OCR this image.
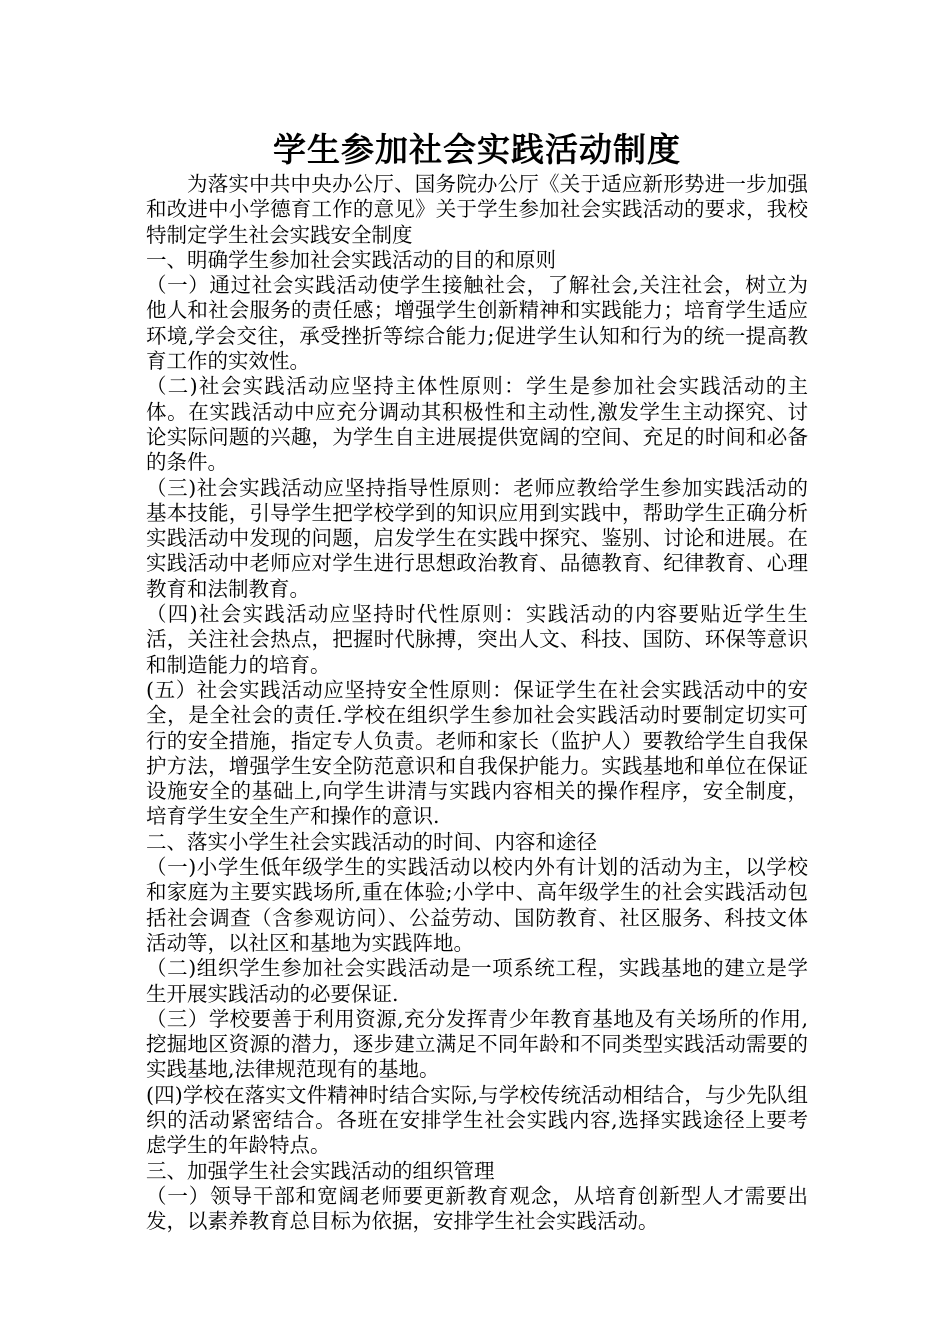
学生参加社会实践活动制度

为落实中共中央办公厅、国务院办公厅《关于适应新形势进一步加强和改进中小学德育工作的意见》关于学生参加社会实践活动的要求，我校特制定学生社会实践安全制度

一、明确学生参加社会实践活动的目的和原则

（一）通过社会实践活动使学生接触社会，了解社会,关注社会，树立为他人和社会服务的责任感；增强学生创新精神和实践能力；培育学生适应环境,学会交往，承受挫折等综合能力;促进学生认知和行为的统一提高教育工作的实效性。

（二)社会实践活动应坚持主体性原则：学生是参加社会实践活动的主体。在实践活动中应充分调动其积极性和主动性,激发学生主动探究、讨论实际问题的兴趣，为学生自主进展提供宽阔的空间、充足的时间和必备的条件。

（三)社会实践活动应坚持指导性原则：老师应教给学生参加实践活动的基本技能，引导学生把学校学到的知识应用到实践中，帮助学生正确分析实践活动中发现的问题，启发学生在实践中探究、鉴别、讨论和进展。在实践活动中老师应对学生进行思想政治教育、品德教育、纪律教育、心理教育和法制教育。

（四)社会实践活动应坚持时代性原则：实践活动的内容要贴近学生生活，关注社会热点，把握时代脉搏，突出人文、科技、国防、环保等意识和制造能力的培育。

(五）社会实践活动应坚持安全性原则：保证学生在社会实践活动中的安全，是全社会的责任.学校在组织学生参加社会实践活动时要制定切实可行的安全措施，指定专人负责。老师和家长（监护人）要教给学生自我保护方法，增强学生安全防范意识和自我保护能力。实践基地和单位在保证设施安全的基础上,向学生讲清与实践内容相关的操作程序，安全制度，培育学生安全生产和操作的意识.

二、落实小学生社会实践活动的时间、内容和途径

（一)小学生低年级学生的实践活动以校内外有计划的活动为主，以学校和家庭为主要实践场所,重在体验;小学中、高年级学生的社会实践活动包括社会调查（含参观访问）、公益劳动、国防教育、社区服务、科技文体活动等，以社区和基地为实践阵地。

（二)组织学生参加社会实践活动是一项系统工程，实践基地的建立是学生开展实践活动的必要保证.

（三）学校要善于利用资源,充分发挥青少年教育基地及有关场所的作用,挖掘地区资源的潜力，逐步建立满足不同年龄和不同类型实践活动需要的实践基地,法律规范现有的基地。

(四)学校在落实文件精神时结合实际,与学校传统活动相结合，与少先队组织的活动紧密结合。各班在安排学生社会实践内容,选择实践途径上要考虑学生的年龄特点。

三、加强学生社会实践活动的组织管理

（一）领导干部和宽阔老师要更新教育观念，从培育创新型人才需要出发，以素养教育总目标为依据，安排学生社会实践活动。
